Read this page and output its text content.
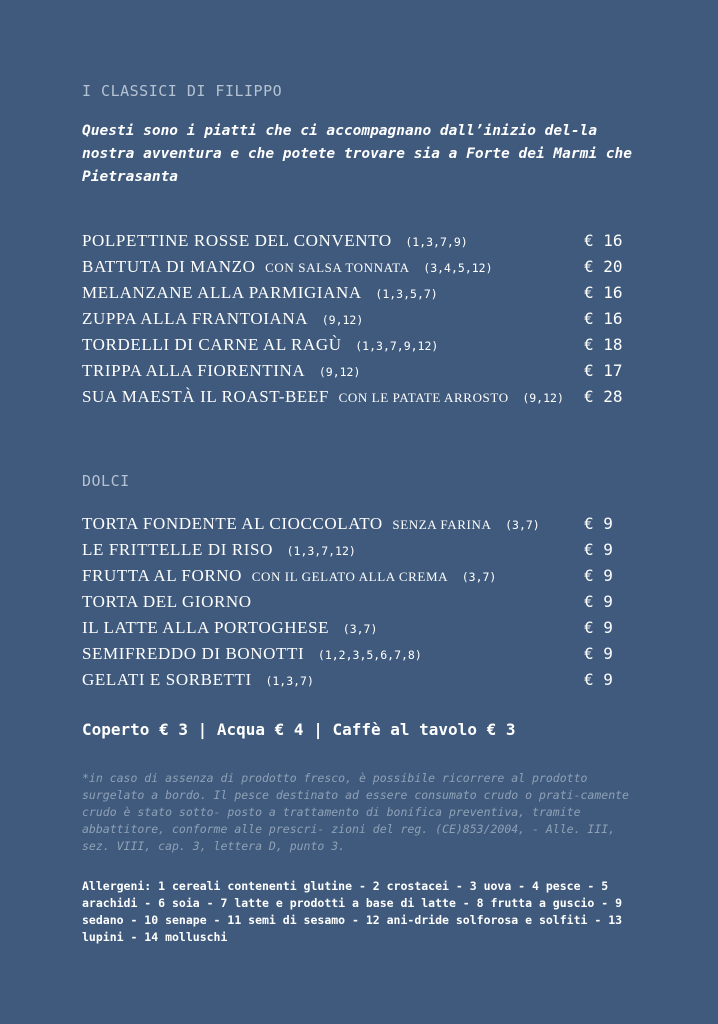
I CLASSICI DI FILIPPO
Questi sono i piatti che ci accompagnano dall’inizio del-la nostra avventura e che potete trovare sia a Forte dei Marmi che Pietrasanta
POLPETTINE ROSSE DEL CONVENTO (1,3,7,9)	€ 16
BATTUTA DI MANZO CON SALSA TONNATA (3,4,5,12)	€ 20
MELANZANE ALLA PARMIGIANA (1,3,5,7)	€ 16
ZUPPA ALLA FRANTOIANA (9,12)	€ 16
TORDELLI DI CARNE AL RAGÙ (1,3,7,9,12)	€ 18
TRIPPA ALLA FIORENTINA (9,12)	€ 17
SUA MAESTÀ IL ROAST-BEEF CON LE PATATE ARROSTO (9,12) € 28
DOLCI
TORTA FONDENTE AL CIOCCOLATO SENZA FARINA (3,7)	€ 9
LE FRITTELLE DI RISO (1,3,7,12)	€ 9
FRUTTA AL FORNO CON IL GELATO ALLA CREMA (3,7)	€ 9
TORTA DEL GIORNO	€ 9
IL LATTE ALLA PORTOGHESE (3,7)	€ 9
SEMIFREDDO DI BONOTTI (1,2,3,5,6,7,8)	€ 9
GELATI E SORBETTI (1,3,7)	€ 9
Coperto € 3 | Acqua € 4 | Caffè al tavolo € 3
*in caso di assenza di prodotto fresco, è possibile ricorrere al prodotto surgelato a bordo. Il pesce destinato ad essere consumato crudo o prati-camente crudo è stato sotto- posto a trattamento di bonifica preventiva, tramite abbattitore, conforme alle prescri- zioni del reg. (CE)853/2004, - Alle. III, sez. VIII, cap. 3, lettera D, punto 3.
Allergeni: 1 cereali contenenti glutine - 2 crostacei - 3 uova - 4 pesce - 5 arachidi - 6 soia - 7 latte e prodotti a base di latte - 8 frutta a guscio - 9 sedano - 10 senape - 11 semi di sesamo - 12 ani-dride solforosa e solfiti - 13 lupini - 14 molluschi
